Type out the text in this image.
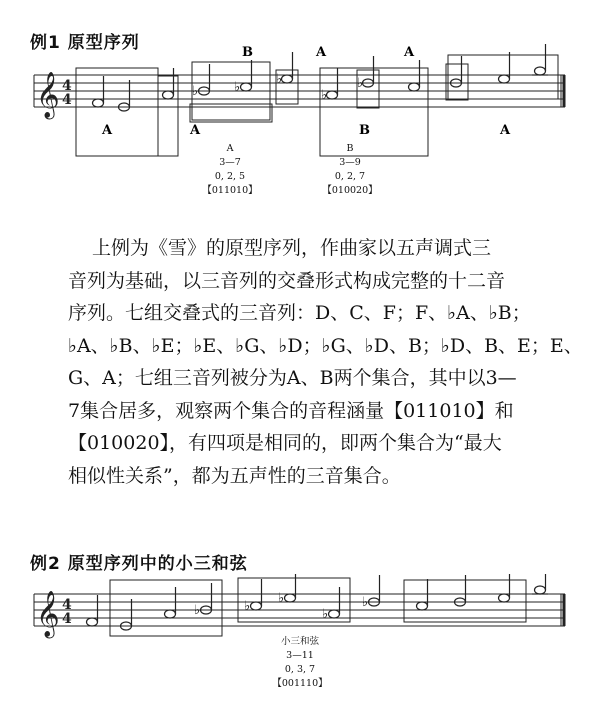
例1 原型序列
𝄞 4
4
♭	♭
♭
♭
♭
B	A	A
A	A	B	A
A
3—7
0, 2, 5
【011010】
B
3—9
0, 2, 7
【010020】
上例为《雪》的原型序列，作曲家以五声调式三
音列为基础，以三音列的交叠形式构成完整的十二音
序列。七组交叠式的三音列：D、C、F；F、♭A、♭B；
♭A、♭B、♭E；♭E、♭G、♭D；♭G、♭D、B；♭D、B、E；E、
G、A；七组三音列被分为A、B两个集合，其中以3—
7集合居多，观察两个集合的音程涵量【011010】和
【010020】，有四项是相同的，即两个集合为“最大
相似性关系”，都为五声性的三音集合。
例2 原型序列中的小三和弦
𝄞 4
4
♭	♭
♭
♭
♭
小三和弦
3—11
0, 3, 7
【001110】
